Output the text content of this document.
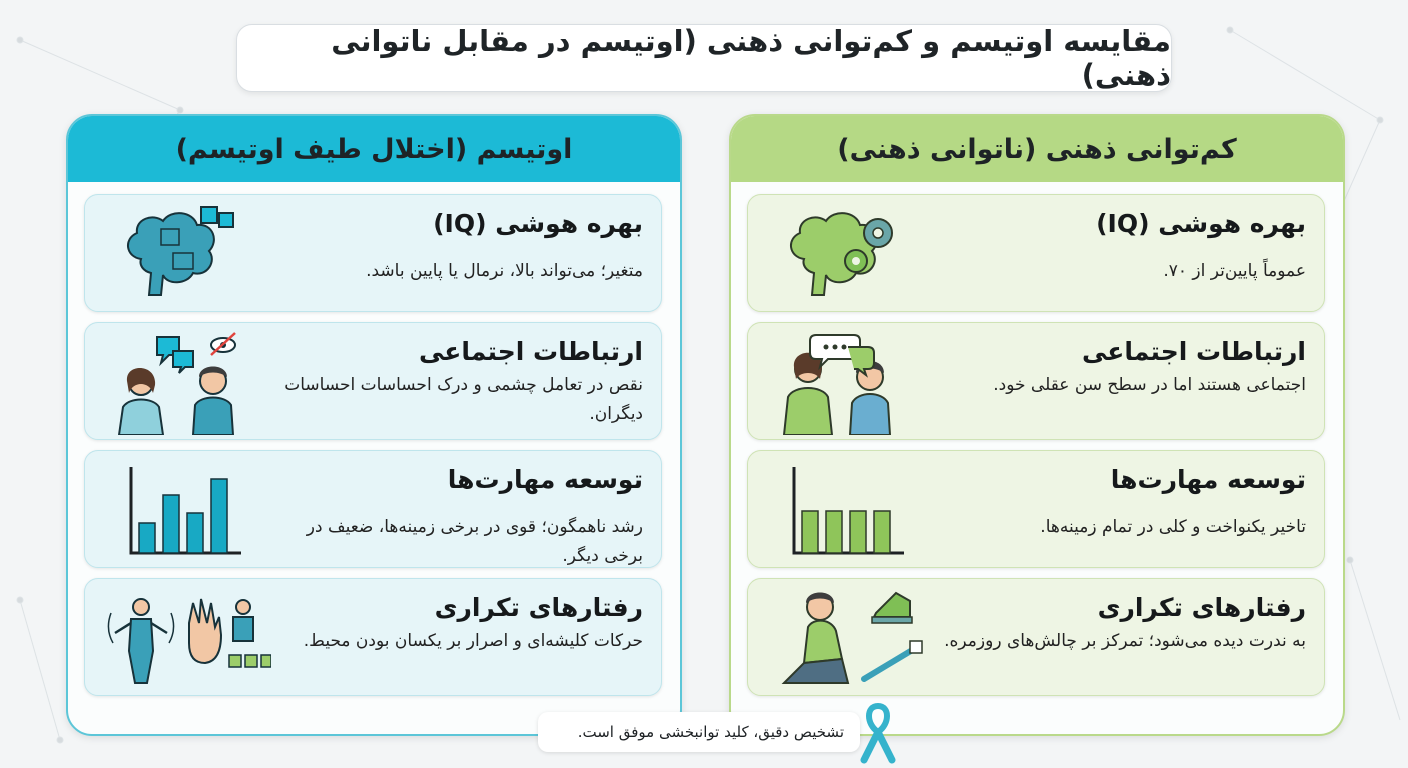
مقایسه اوتیسم و کم‌توانی ذهنی (اوتیسم در مقابل ناتوانی ذهنی)
کم‌توانی ذهنی (ناتوانی ذهنی)
بهره هوشی (IQ)

عموماً پایین‌تر از ۷۰.

ارتباطات اجتماعی

اجتماعی هستند اما در سطح سن عقلی خود.

توسعه مهارت‌ها

تاخیر یکنواخت و کلی در تمام زمینه‌ها.

رفتارهای تکراری

به ندرت دیده می‌شود؛ تمرکز بر چالش‌های روزمره.

اوتیسم (اختلال طیف اوتیسم)
بهره هوشی (IQ)

متغیر؛ می‌تواند بالا، نرمال یا پایین باشد.

ارتباطات اجتماعی

نقص در تعامل چشمی و درک احساسات احساسات دیگران.

توسعه مهارت‌ها

رشد ناهمگون؛ قوی در برخی زمینه‌ها، ضعیف در برخی دیگر.

رفتارهای تکراری

حرکات کلیشه‌ای و اصرار بر یکسان بودن محیط.

تشخیص دقیق، کلید توانبخشی موفق است.
